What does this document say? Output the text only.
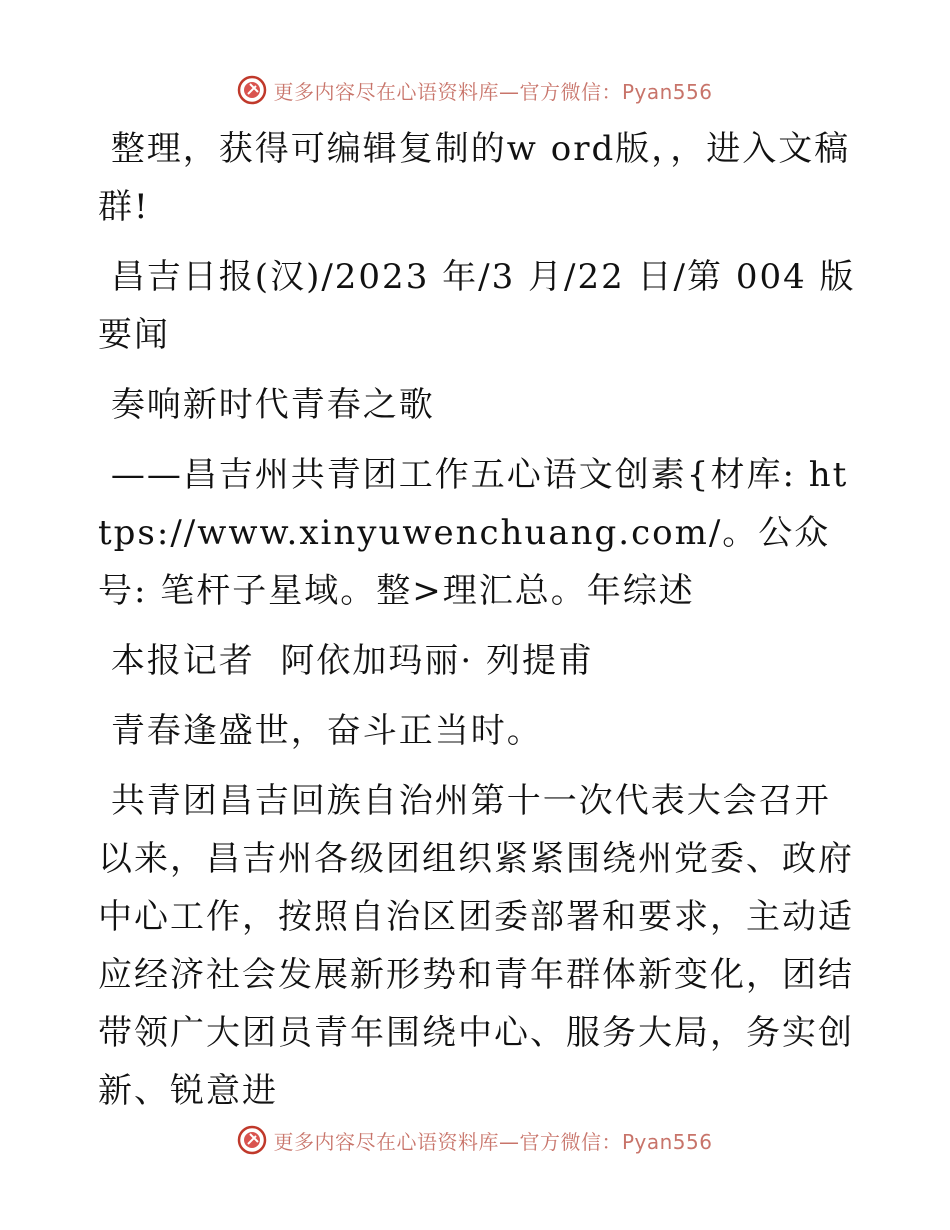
更多内容尽在心语资料库—官方微信：Pyan556

整理，获得可编辑复制的w ord版，，进入文稿群!

昌吉日报(汉)/2023 年/3 月/22 日/第 004 版要闻

奏响新时代青春之歌

——昌吉州共青团工作五心语文创素{材库: https://www.xinyuwenchuang.com/。公众号: 笔杆子星域。整>理汇总。年综述

本报记者  阿依加玛丽· 列提甫

青春逢盛世，奋斗正当时。

共青团昌吉回族自治州第十一次代表大会召开以来，昌吉州各级团组织紧紧围绕州党委、政府中心工作，按照自治区团委部署和要求，主动适应经济社会发展新形势和青年群体新变化，团结带领广大团员青年围绕中心、服务大局，务实创新、锐意进

更多内容尽在心语资料库—官方微信：Pyan556
